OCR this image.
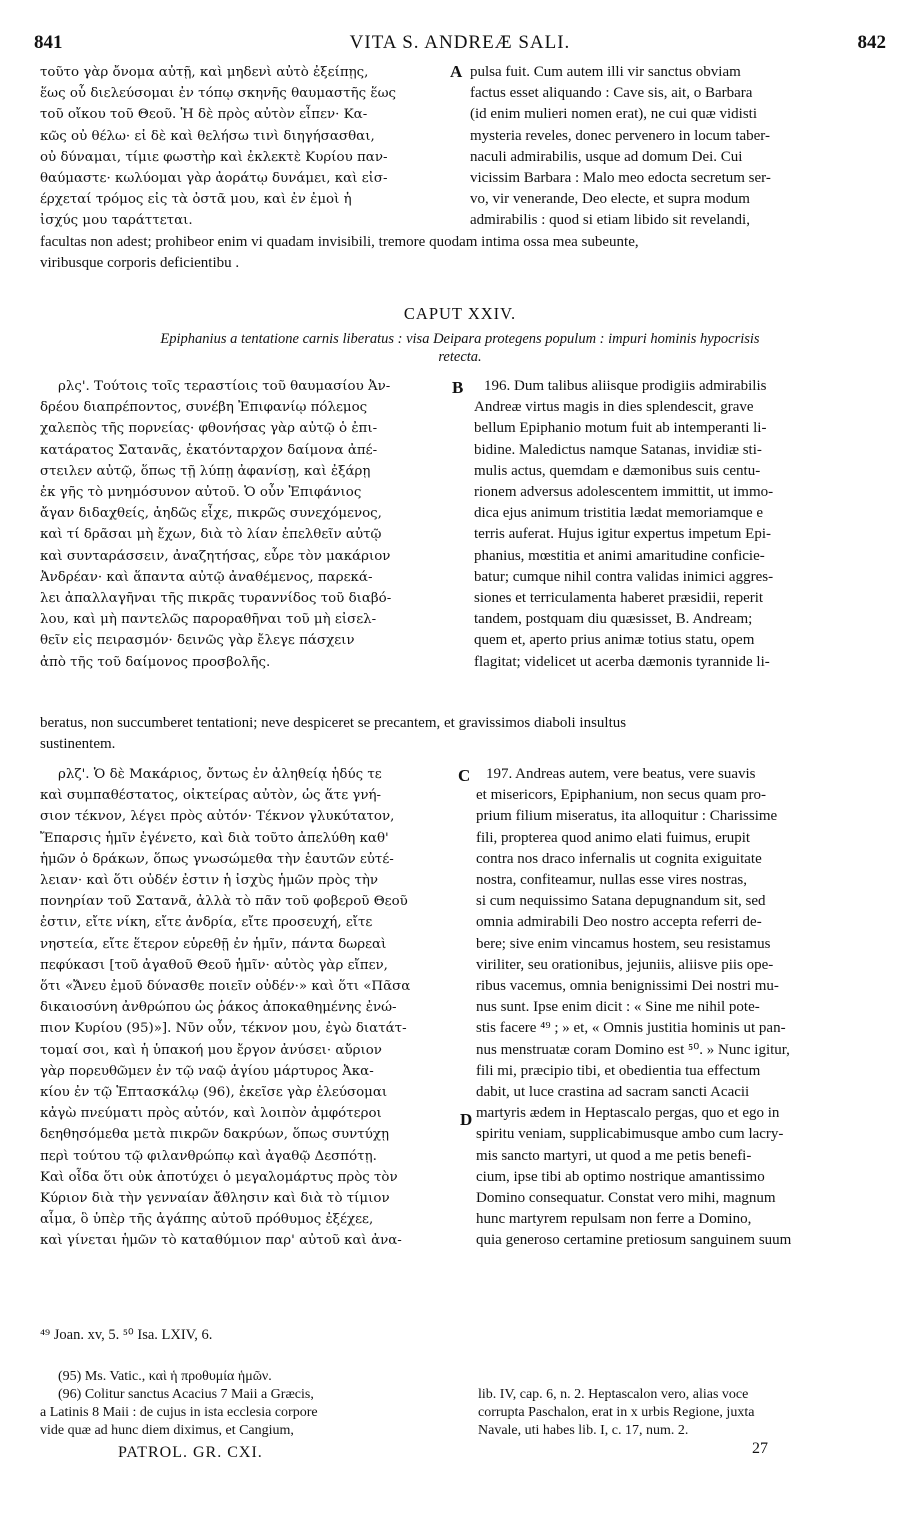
841	VITA S. ANDREÆ SALI.	842
τοῦτο γὰρ ὄνομα αὐτῇ, καὶ μηδενὶ αὐτὸ ἐξείπῃς,
ἕως οὗ διελεύσομαι ἐν τόπῳ σκηνῆς θαυμαστῆς ἕως
τοῦ οἴκου τοῦ Θεοῦ. Ἡ δὲ πρὸς αὐτὸν εἶπεν· Κα-
κῶς οὐ θέλω· εἰ δὲ καὶ θελήσω τινὶ διηγήσασθαι,
οὐ δύναμαι, τίμιε φωστὴρ καὶ ἐκλεκτὲ Κυρίου παν-
θαύμαστε· κωλύομαι γὰρ ἀοράτῳ δυνάμει, καὶ εἰσ-
έρχεταί τρόμος εἰς τὰ ὀστᾶ μου, καὶ ἐν ἐμοὶ ἡ
ἰσχύς μου ταράττεται.
A pulsa fuit. Cum autem illi vir sanctus obviam
factus esset aliquando : Cave sis, ait, o Barbara
(id enim mulieri nomen erat), ne cui quæ vidisti
mysteria reveles, donec pervenero in locum taber-
naculi admirabilis, usque ad domum Dei. Cui
vicissim Barbara : Malo meo edocta secretum ser-
vo, vir venerande, Deo electe, et supra modum
admirabilis : quod si etiam libido sit revelandi,
facultas non adest; prohibeor enim vi quadam invisibili, tremore quodam intima ossa mea subeunte,
viribusque corporis deficientibu .
CAPUT XXIV.
Epiphanius a tentatione carnis liberatus : visa Deipara protegens populum : impuri hominis hypocrisis
retecta.
ρλς'. Τούτοις τοῖς τεραστίοις τοῦ θαυμασίου Ἀν-
δρέου διαπρέποντος, συνέβη Ἐπιφανίῳ πόλεμος
χαλεπὸς τῆς πορνείας· φθονήσας γὰρ αὐτῷ ὁ ἐπι-
κατάρατος Σατανᾶς, ἑκατόνταρχον δαίμονα ἀπέ-
στειλεν αὐτῷ, ὅπως τῇ λύπῃ ἀφανίσῃ, καὶ ἐξάρῃ
ἐκ γῆς τὸ μνημόσυνον αὐτοῦ. Ὁ οὖν Ἐπιφάνιος
ἄγαν διδαχθείς, ἀηδῶς εἶχε, πικρῶς συνεχόμενος,
καὶ τί δρᾶσαι μὴ ἔχων, διὰ τὸ λίαν ἐπελθεῖν αὐτῷ
καὶ συνταράσσειν, ἀναζητήσας, εὗρε τὸν μακάριον
Ἀνδρέαν· καὶ ἅπαντα αὐτῷ ἀναθέμενος, παρεκά-
λει ἀπαλλαγῆναι τῆς πικρᾶς τυραννίδος τοῦ διαβό-
λου, καὶ μὴ παντελῶς παροραθῆναι τοῦ μὴ εἰσελ-
θεῖν εἰς πειρασμόν· δεινῶς γὰρ ἔλεγε πάσχειν
ἀπὸ τῆς τοῦ δαίμονος προσβολῆς.
B	196. Dum talibus aliisque prodigiis admirabilis
Andreæ virtus magis in dies splendescit, grave
bellum Epiphanio motum fuit ab intemperanti li-
bidine. Maledictus namque Satanas, invidiæ sti-
mulis actus, quemdam e dæmonibus suis centu-
rionem adversus adolescentem immittit, ut immo-
dica ejus animum tristitia lædat memoriamque e
terris auferat. Hujus igitur expertus impetum Epi-
phanius, mœstitia et animi amaritudine conficie-
batur; cumque nihil contra validas inimici aggres-
siones et terriculamenta haberet præsidii, reperit
tandem, postquam diu quæsisset, B. Andream;
quem et, aperto prius animæ totius statu, opem
flagitat; videlicet ut acerba dæmonis tyrannide li-
beratus, non succumberet tentationi; neve despiceret se precantem, et gravissimos diaboli insultus
sustinentem.
ρλζ'. Ὁ δὲ Μακάριος, ὄντως ἐν ἀληθείᾳ ἡδύς τε
καὶ συμπαθέστατος, οἰκτείρας αὐτὸν, ὡς ἅτε γνή-
σιον τέκνον, λέγει πρὸς αὐτόν· Τέκνον γλυκύτατον,
Ἔπαρσις ἡμῖν ἐγένετο, καὶ διὰ τοῦτο ἀπελύθη καθ'
ἡμῶν ὁ δράκων, ὅπως γνωσώμεθα τὴν ἑαυτῶν εὐτέ-
λειαν· καὶ ὅτι οὐδέν ἐστιν ἡ ἰσχὺς ἡμῶν πρὸς τὴν
πονηρίαν τοῦ Σατανᾶ, ἀλλὰ τὸ πᾶν τοῦ φοβεροῦ Θεοῦ
ἐστιν, εἴτε νίκη, εἴτε ἀνδρία, εἴτε προσευχή, εἴτε
νηστεία, εἴτε ἕτερον εὑρεθῇ ἐν ἡμῖν, πάντα δωρεαὶ
πεφύκασι [τοῦ ἀγαθοῦ Θεοῦ ἡμῖν· αὐτὸς γὰρ εἴπεν,
ὅτι «Ἄνευ ἐμοῦ δύνασθε ποιεῖν οὐδέν·» καὶ ὅτι «Πᾶσα
δικαιοσύνη ἀνθρώπου ὡς ῥάκος ἀποκαθημένης ἐνώ-
πιον Κυρίου (95)»]. Νῦν οὖν, τέκνον μου, ἐγὼ διατάτ-
τομαί σοι, καὶ ἡ ὑπακοή μου ἔργον ἀνύσει· αὔριον
γὰρ πορευθῶμεν ἐν τῷ ναῷ ἁγίου μάρτυρος Ἀκα-
κίου ἐν τῷ Ἑπτασκάλῳ (96), ἐκεῖσε γὰρ ἐλεύσομαι
κἀγὼ πνεύματι πρὸς αὐτόν, καὶ λοιπὸν ἀμφότεροι
δεηθησόμεθα μετὰ πικρῶν δακρύων, ὅπως συντύχῃ
περὶ τούτου τῷ φιλανθρώπῳ καὶ ἀγαθῷ Δεσπότῃ.
Καὶ οἶδα ὅτι οὐκ ἀποτύχει ὁ μεγαλομάρτυς πρὸς τὸν
Κύριον διὰ τὴν γενναίαν ἄθλησιν καὶ διὰ τὸ τίμιον
αἷμα, ὃ ὑπὲρ τῆς ἀγάπης αὐτοῦ πρόθυμος ἐξέχεε,
καὶ γίνεται ἡμῶν τὸ καταθύμιον παρ' αὐτοῦ καὶ ἀνα-
C
D
197. Andreas autem, vere beatus, vere suavis
et misericors, Epiphanium, non secus quam pro-
prium filium miseratus, ita alloquitur : Charissime
fili, propterea quod animo elati fuimus, erupit
contra nos draco infernalis ut cognita exiguitate
nostra, confiteamur, nullas esse vires nostras,
si cum nequissimo Satana depugnandum sit, sed
omnia admirabili Deo nostro accepta referri de-
bere; sive enim vincamus hostem, seu resistamus
viriliter, seu orationibus, jejuniis, aliisve piis ope-
ribus vacemus, omnia benignissimi Dei nostri mu-
nus sunt. Ipse enim dicit : « Sine me nihil pote-
stis facere ⁴⁹ ; » et, « Omnis justitia hominis ut pan-
nus menstruatæ coram Domino est ⁵⁰. » Nunc igitur,
fili mi, præcipio tibi, et obedientia tua effectum
dabit, ut luce crastina ad sacram sancti Acacii
martyris ædem in Heptascalo pergas, quo et ego in
spiritu veniam, supplicabimusque ambo cum lacry-
mis sancto martyri, ut quod a me petis benefi-
cium, ipse tibi ab optimo nostrique amantissimo
Domino consequatur. Constat vero mihi, magnum
hunc martyrem repulsam non ferre a Domino,
quia generoso certamine pretiosum sanguinem suum
⁴⁹ Joan. xv, 5. ⁵⁰ Isa. LXIV, 6.
(95) Ms. Vatic., καὶ ἡ προθυμία ἡμῶν.
(96) Colitur sanctus Acacius 7 Maii a Græcis,
a Latinis 8 Maii : de cujus in ista ecclesia corpore
vide quæ ad hunc diem diximus, et Cangium,
lib. IV, cap. 6, n. 2. Heptascalon vero, alias voce
corrupta Paschalon, erat in x urbis Regione, juxta
Navale, uti habes lib. I, c. 17, num. 2.
PATROL. GR. CXI.	27
